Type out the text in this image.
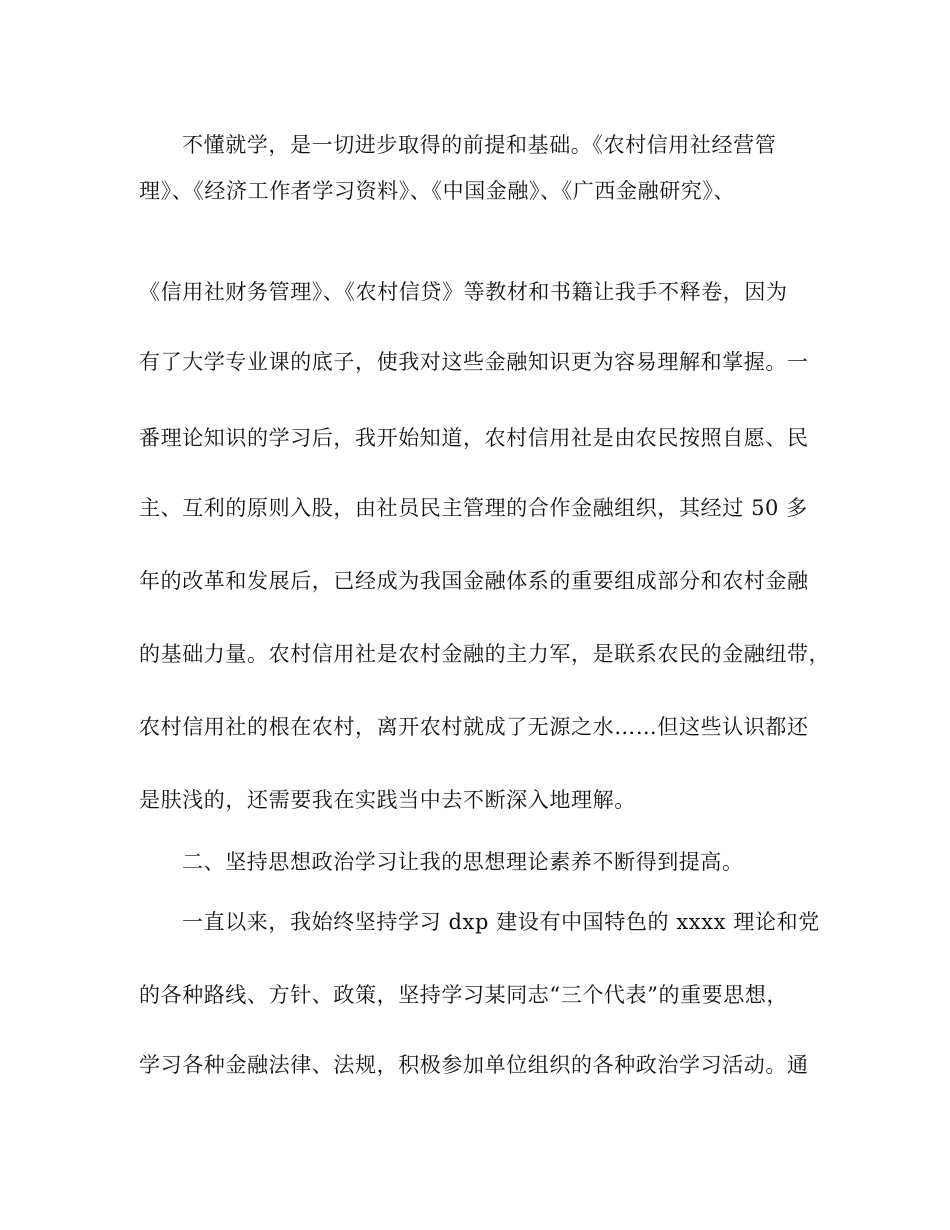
不懂就学，是一切进步取得的前提和基础。《农村信用社经营管
理》、《经济工作者学习资料》、《中国金融》、《广西金融研究》、
《信用社财务管理》、《农村信贷》等教材和书籍让我手不释卷，因为
有了大学专业课的底子，使我对这些金融知识更为容易理解和掌握。一
番理论知识的学习后，我开始知道，农村信用社是由农民按照自愿、民
主、互利的原则入股，由社员民主管理的合作金融组织，其经过 50 多
年的改革和发展后，已经成为我国金融体系的重要组成部分和农村金融
的基础力量。农村信用社是农村金融的主力军，是联系农民的金融纽带，
农村信用社的根在农村，离开农村就成了无源之水……但这些认识都还
是肤浅的，还需要我在实践当中去不断深入地理解。
二、坚持思想政治学习让我的思想理论素养不断得到提高。
一直以来，我始终坚持学习 dxp 建设有中国特色的 xxxx 理论和党
的各种路线、方针、政策，坚持学习某同志“三个代表”的重要思想，
学习各种金融法律、法规，积极参加单位组织的各种政治学习活动。通
